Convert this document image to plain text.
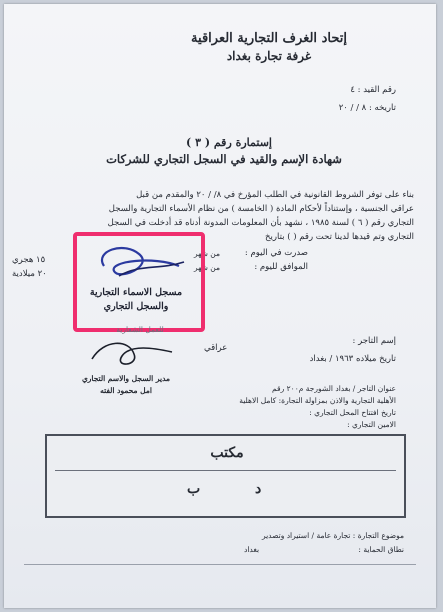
إتحاد الغرف التجارية العراقية
غرفة تجارة بغداد
رقم القيد : ٤
تاريخه : ٨ / / ٢٠
إستمارة رقم ( ٣ )
شهادة الإسم والقيد في السجل التجاري للشركات
بناء على توفر الشروط القانونية في الطلب المؤرخ في ٨/ / ٢٠ والمقدم من قبل
عراقي الجنسية ، وإستناداً لأحكام المادة ( الخامسة ) من نظام الأسماء التجارية والسجل
التجاري رقم ( ٦ ) لسنة ١٩٨٥ ، نشهد بأن المعلومات المدونة أدناه قد أدخلت في السجل
التجاري وتم قيدها لدينا تحت رقم ( ) بتاريخ
صدرت في اليوم :
الموافق لليوم :
من شهر
من شهر
١٥ هجري
٢٠ ميلادية
مسجل الاسماء التجارية
والسجل التجاري
للعمل الشعارية
إسم التاجر :
عراقي
تاريخ ميلاده ١٩٦٣ / بغداد
عنوان التاجر / بغداد الشورجة م٢٠٠ رقم
الأهلية التجارية والاذن بمزاولة التجارة: كامل الاهلية
تاريخ افتتاح المحل التجاري :
الامين التجاري :
مدير السجل والاسم التجاري
امل محمود الفته
مكتب
د
ب
موضوع التجارة : تجارة عامة / استيراد وتصدير
نطاق الحماية :
بغداد
